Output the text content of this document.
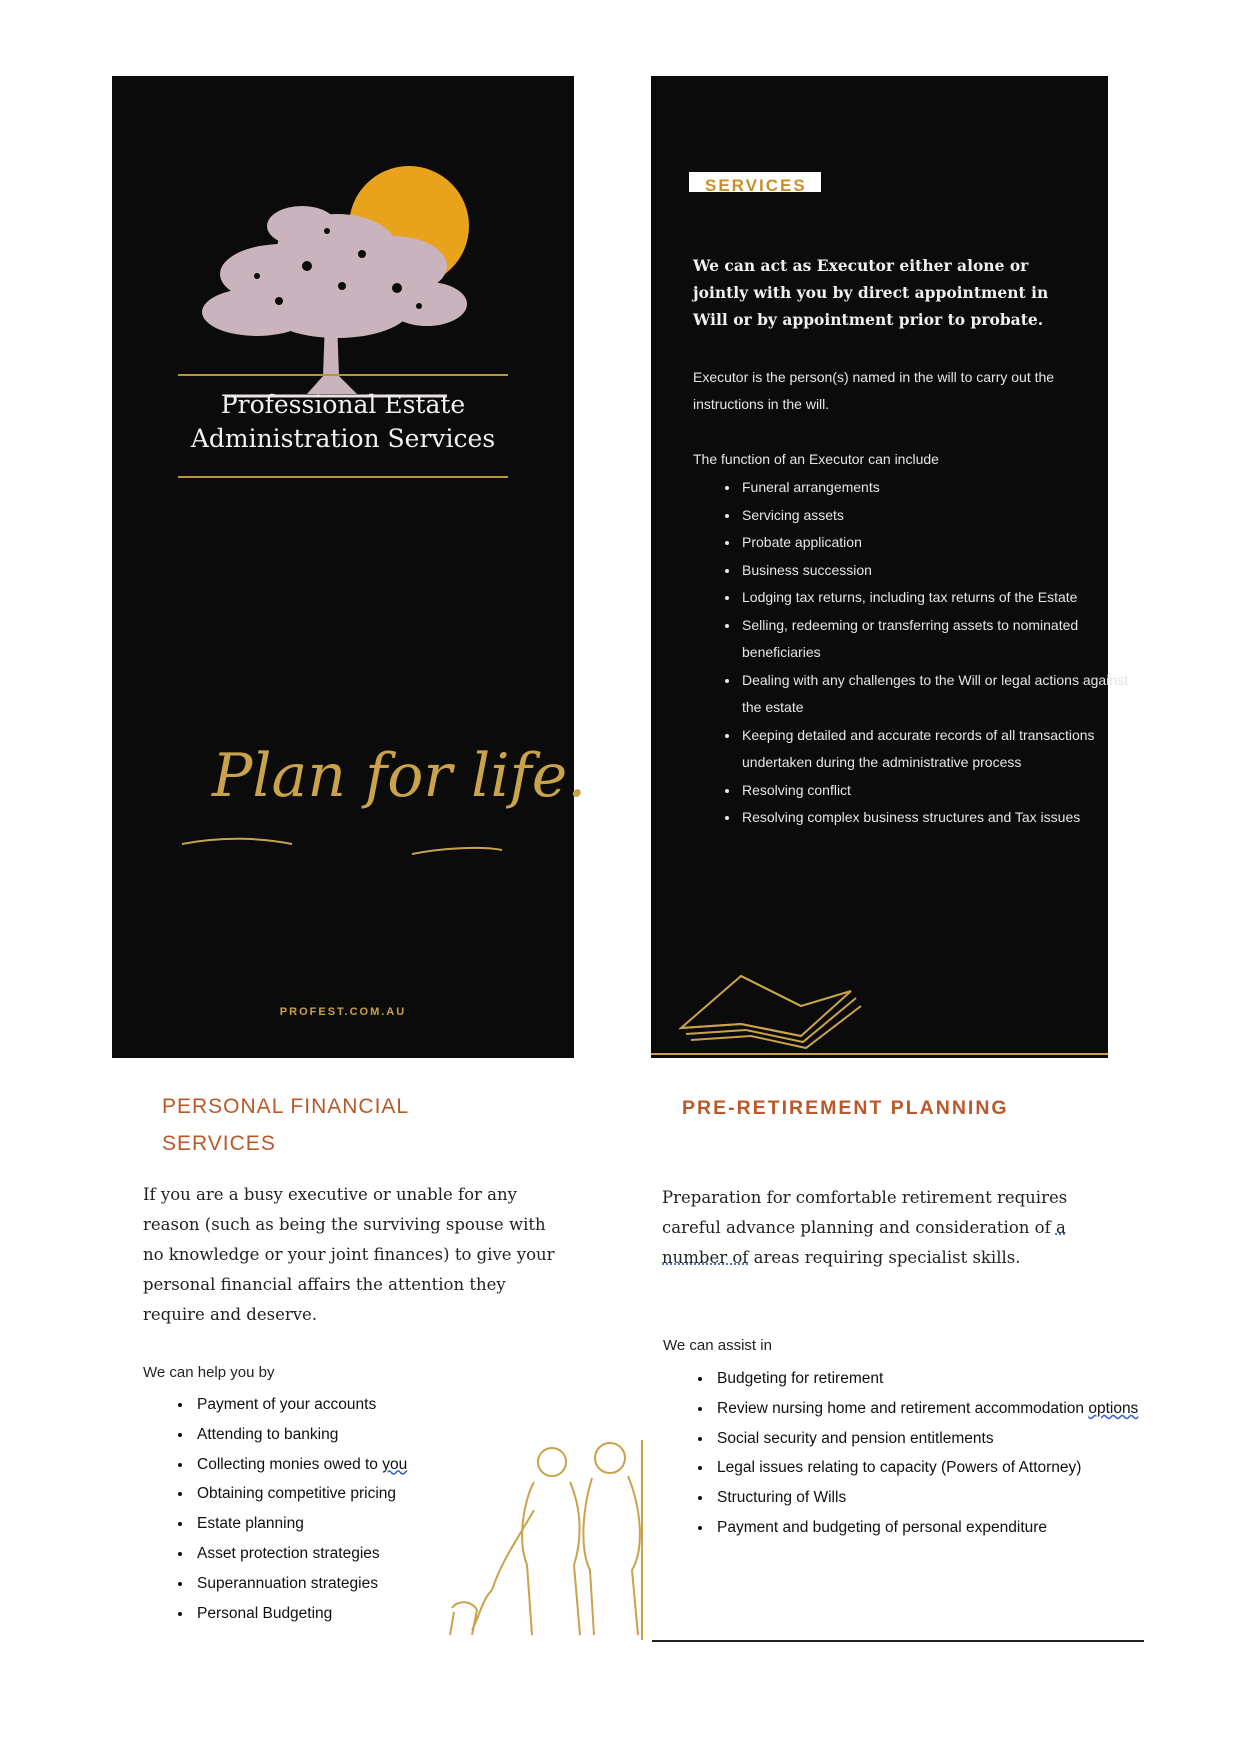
Professional Estate
Administration Services
Plan for life.
PROFEST.COM.AU
SERVICES
We can act as Executor either alone or jointly with you by direct appointment in Will or by appointment prior to probate.
Executor is the person(s) named in the will to carry out the instructions in the will.
The function of an Executor can include
• Funeral arrangements
• Servicing assets
• Probate application
• Business succession
• Lodging tax returns, including tax returns of the Estate
• Selling, redeeming or transferring assets to nominated beneficiaries
• Dealing with any challenges to the Will or legal actions against the estate
• Keeping detailed and accurate records of all transactions undertaken during the administrative process
• Resolving conflict
• Resolving complex business structures and Tax issues
PERSONAL FINANCIAL
SERVICES
If you are a busy executive or unable for any reason (such as being the surviving spouse with no knowledge or your joint finances) to give your personal financial affairs the attention they require and deserve.
We can help you by
• Payment of your accounts
• Attending to banking
• Collecting monies owed to you
• Obtaining competitive pricing
• Estate planning
• Asset protection strategies
• Superannuation strategies
• Personal Budgeting
PRE-RETIREMENT PLANNING
Preparation for comfortable retirement requires careful advance planning and consideration of a number of areas requiring specialist skills.
We can assist in
• Budgeting for retirement
• Review nursing home and retirement accommodation options
• Social security and pension entitlements
• Legal issues relating to capacity (Powers of Attorney)
• Structuring of Wills
• Payment and budgeting of personal expenditure
